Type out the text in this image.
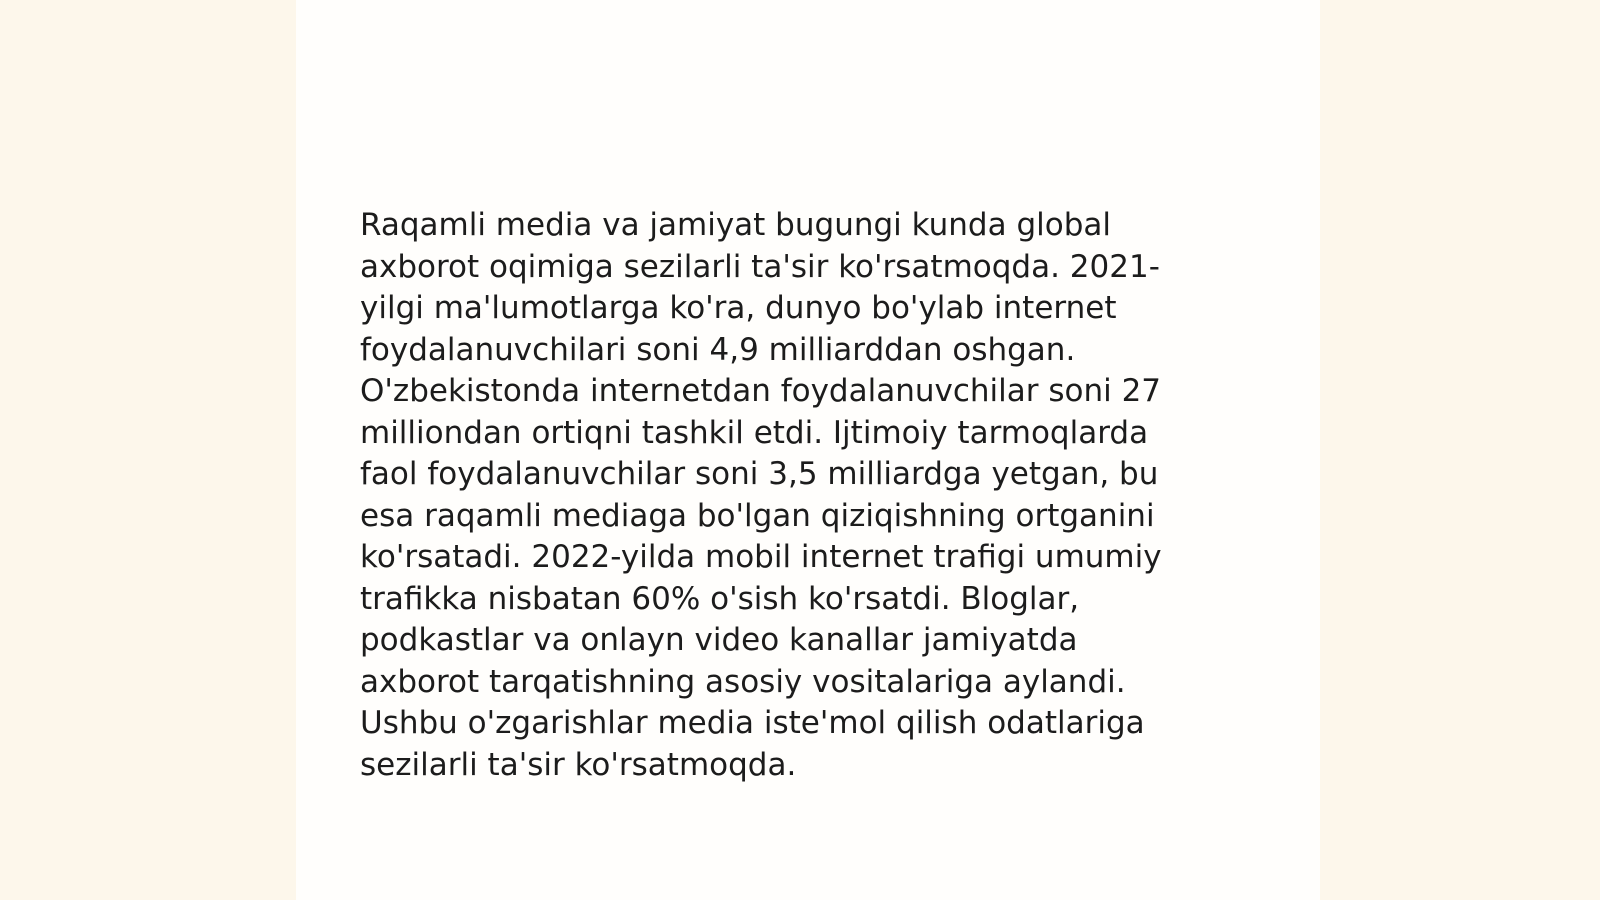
Raqamli media va jamiyat bugungi kunda global
axborot oqimiga sezilarli ta'sir ko'rsatmoqda. 2021-
yilgi ma'lumotlarga ko'ra, dunyo bo'ylab internet
foydalanuvchilari soni 4,9 milliarddan oshgan.
O'zbekistonda internetdan foydalanuvchilar soni 27
milliondan ortiqni tashkil etdi. Ijtimoiy tarmoqlarda
faol foydalanuvchilar soni 3,5 milliardga yetgan, bu
esa raqamli mediaga bo'lgan qiziqishning ortganini
ko'rsatadi. 2022-yilda mobil internet trafigi umumiy
trafikka nisbatan 60% o'sish ko'rsatdi. Bloglar,
podkastlar va onlayn video kanallar jamiyatda
axborot tarqatishning asosiy vositalariga aylandi.
Ushbu o'zgarishlar media iste'mol qilish odatlariga
sezilarli ta'sir ko'rsatmoqda.
